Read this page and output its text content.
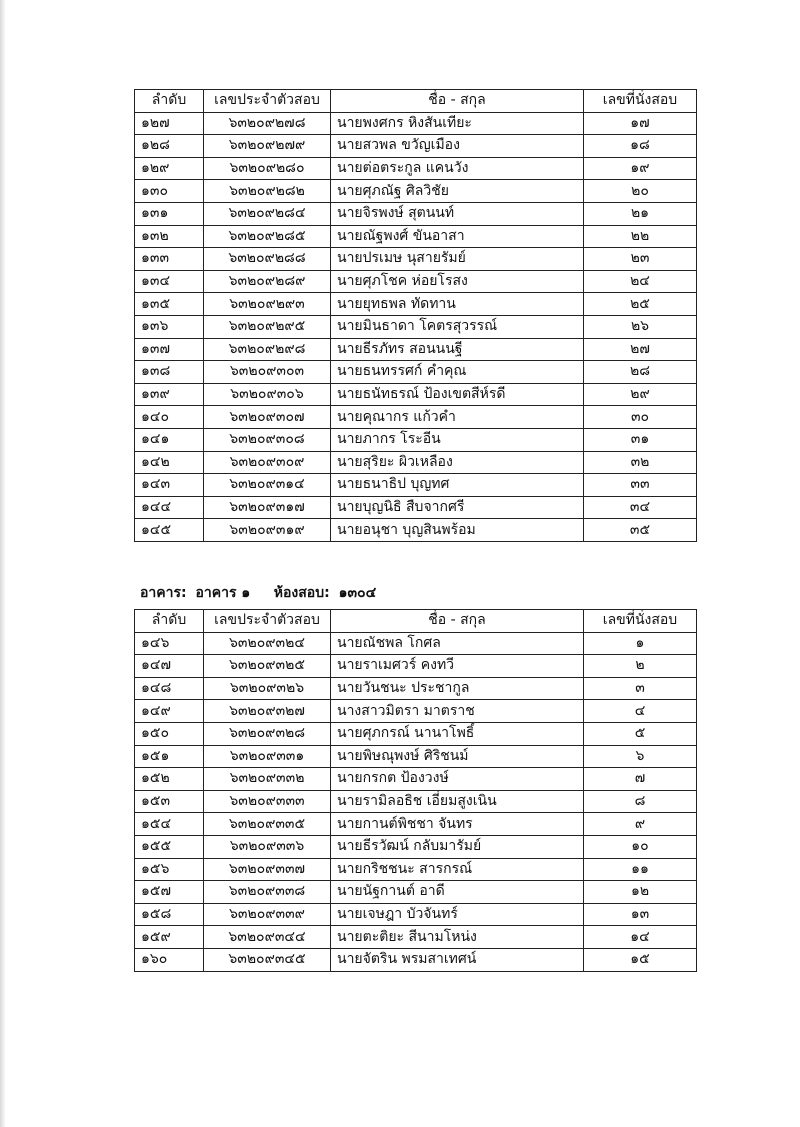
ลำดับ	เลขประจำตัวสอบ	ชื่อ - สกุล	เลขที่นั่งสอบ
๑๒๗	๖๓๒๐๙๒๗๘	นายพงศกร หิงสันเทียะ	๑๗
๑๒๘	๖๓๒๐๙๒๗๙	นายสวพล ขวัญเมือง	๑๘
๑๒๙	๖๓๒๐๙๒๘๐	นายต่อตระกูล แคนวัง	๑๙
๑๓๐	๖๓๒๐๙๒๘๒	นายศุภณัฐ ศิลวิชัย	๒๐
๑๓๑	๖๓๒๐๙๒๘๔	นายจิรพงษ์ สุตนนท์	๒๑
๑๓๒	๖๓๒๐๙๒๘๕	นายณัฐพงศ์ ขันอาสา	๒๒
๑๓๓	๖๓๒๐๙๒๘๘	นายปรเมษ นุสายรัมย์	๒๓
๑๓๔	๖๓๒๐๙๒๘๙	นายศุภโชค ห่อยโรสง	๒๔
๑๓๕	๖๓๒๐๙๒๙๓	นายยุทธพล ทัดทาน	๒๕
๑๓๖	๖๓๒๐๙๒๙๕	นายมินธาดา โคตรสุวรรณ์	๒๖
๑๓๗	๖๓๒๐๙๒๙๘	นายธีรภัทร สอนนนฐี	๒๗
๑๓๘	๖๓๒๐๙๓๐๓	นายธนทรรศก์ คำคุณ	๒๘
๑๓๙	๖๓๒๐๙๓๐๖	นายธนัทธรณ์ ป้องเขตสีห์รดี	๒๙
๑๔๐	๖๓๒๐๙๓๐๗	นายคุณากร แก้วคำ	๓๐
๑๔๑	๖๓๒๐๙๓๐๘	นายภากร โระอีน	๓๑
๑๔๒	๖๓๒๐๙๓๐๙	นายสุริยะ ผิวเหลือง	๓๒
๑๔๓	๖๓๒๐๙๓๑๔	นายธนาธิป บุญทศ	๓๓
๑๔๔	๖๓๒๐๙๓๑๗	นายบุญนิธิ สืบจากศรี	๓๔
๑๔๕	๖๓๒๐๙๓๑๙	นายอนุชา บุญสินพร้อม	๓๕
อาคาร: อาคาร ๑ ห้องสอบ: ๑๓๐๔
ลำดับ	เลขประจำตัวสอบ	ชื่อ - สกุล	เลขที่นั่งสอบ
๑๔๖	๖๓๒๐๙๓๒๔	นายณัชพล โกศล	๑
๑๔๗	๖๓๒๐๙๓๒๕	นายราเมศวร์ คงทวี	๒
๑๔๘	๖๓๒๐๙๓๒๖	นายวันชนะ ประชากูล	๓
๑๔๙	๖๓๒๐๙๓๒๗	นางสาวมิตรา มาตราช	๔
๑๕๐	๖๓๒๐๙๓๒๘	นายศุภกรณ์ นานาโพธิ์	๕
๑๕๑	๖๓๒๐๙๓๓๑	นายพิษณุพงษ์ ศิริชนม์	๖
๑๕๒	๖๓๒๐๙๓๓๒	นายกรกต ป้องวงษ์	๗
๑๕๓	๖๓๒๐๙๓๓๓	นายรามิลอธิช เอี่ยมสูงเนิน	๘
๑๕๔	๖๓๒๐๙๓๓๕	นายกานต์พิชชา จันทร	๙
๑๕๕	๖๓๒๐๙๓๓๖	นายธีรวัฒน์ กลับมารัมย์	๑๐
๑๕๖	๖๓๒๐๙๓๓๗	นายกริชชนะ สารกรณ์	๑๑
๑๕๗	๖๓๒๐๙๓๓๘	นายนัฐกานต์ อาดี	๑๒
๑๕๘	๖๓๒๐๙๓๓๙	นายเจษฎา บัวจันทร์	๑๓
๑๕๙	๖๓๒๐๙๓๔๔	นายตะติยะ สีนามโหน่ง	๑๔
๑๖๐	๖๓๒๐๙๓๔๕	นายจัตริน พรมสาเทศน์	๑๕
